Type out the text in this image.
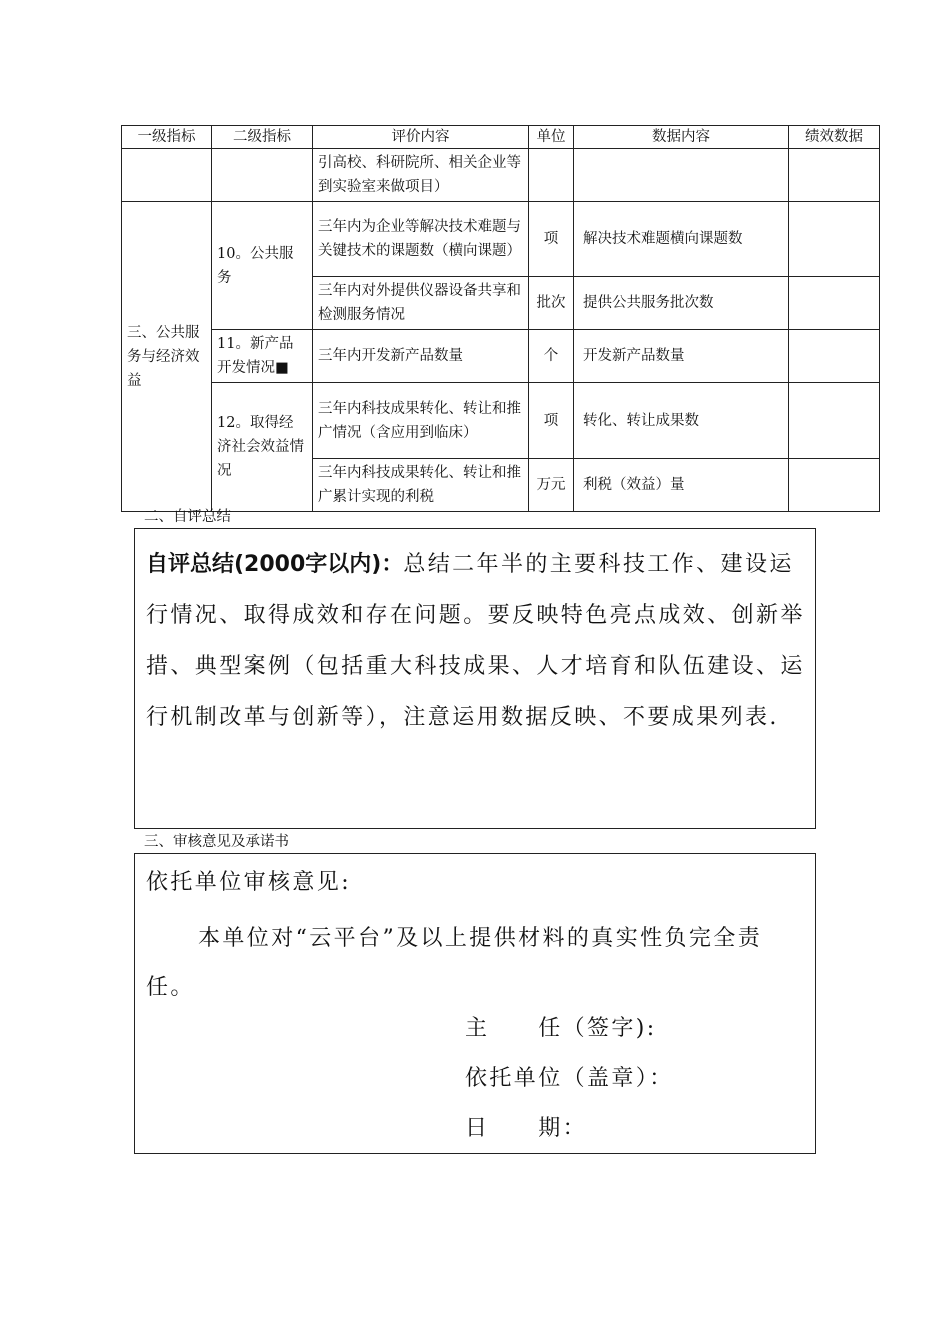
一级指标	二级指标	评价内容	单位	数据内容	绩效数据
		引高校、科研院所、相关企业等到实验室来做项目）			
三、公共服务与经济效益	10。公共服务	三年内为企业等解决技术难题与关键技术的课题数（横向课题）	项	解决技术难题横向课题数	
		三年内对外提供仪器设备共享和检测服务情况	批次	提供公共服务批次数	
	11。新产品开发情况■	三年内开发新产品数量	个	开发新产品数量	
	12。取得经济社会效益情况	三年内科技成果转化、转让和推广情况（含应用到临床）	项	转化、转让成果数	
		三年内科技成果转化、转让和推广累计实现的利税	万元	利税（效益）量	
二、自评总结
自评总结(2000字以内)：总结二年半的主要科技工作、建设运行情况、取得成效和存在问题。要反映特色亮点成效、创新举措、典型案例（包括重大科技成果、人才培育和队伍建设、运行机制改革与创新等），注意运用数据反映、不要成果列表.
三、审核意见及承诺书
依托单位审核意见:
本单位对“云平台”及以上提供材料的真实性负完全责任。
主　　任（签字):
依托单位（盖章）：
日　　期：
